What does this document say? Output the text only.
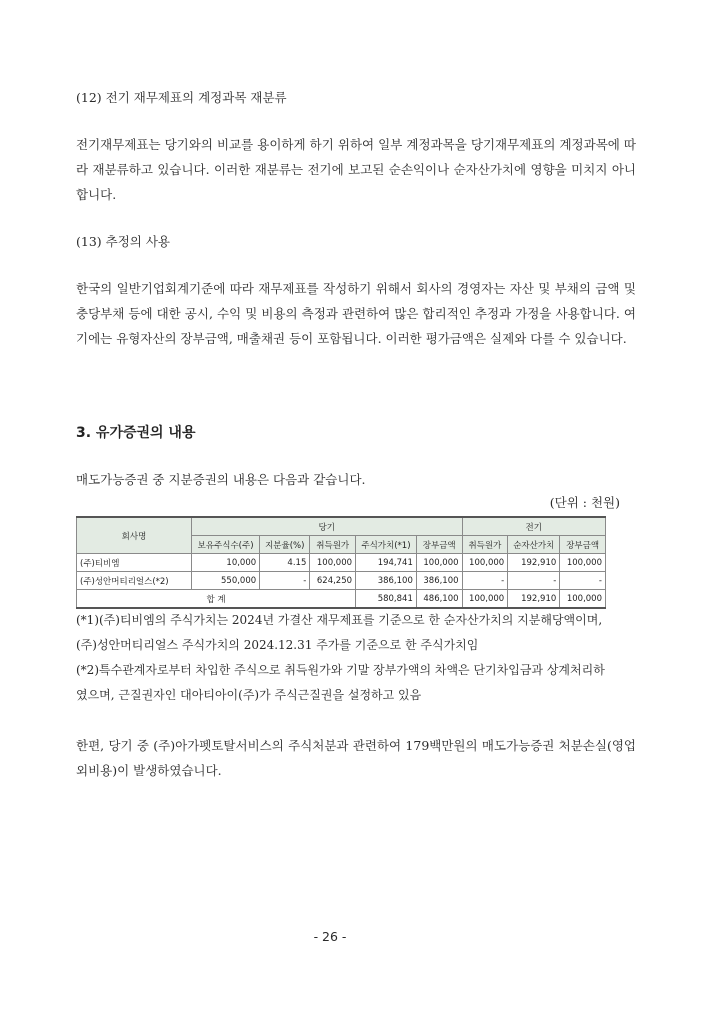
(12) 전기 재무제표의 계정과목 재분류
전기재무제표는 당기와의 비교를 용이하게 하기 위하여 일부 계정과목을 당기재무제표의 계정과목에 따라 재분류하고 있습니다. 이러한 재분류는 전기에 보고된 순손익이나 순자산가치에 영향을 미치지 아니합니다.
(13) 추정의 사용
한국의 일반기업회계기준에 따라 재무제표를 작성하기 위해서 회사의 경영자는 자산 및 부채의 금액 및 충당부채 등에 대한 공시, 수익 및 비용의 측정과 관련하여 많은 합리적인 추정과 가정을 사용합니다. 여기에는 유형자산의 장부금액, 매출채권 등이 포함됩니다. 이러한 평가금액은 실제와 다를 수 있습니다.
3. 유가증권의 내용
매도가능증권 중 지분증권의 내용은 다음과 같습니다.
(단위 : 천원)
회사명	당기					전기		
	보유주식수(주)	지분율(%)	취득원가	주식가치(*1)	장부금액	취득원가	순자산가치	장부금액
(주)티비엠	10,000	4.15	100,000	194,741	100,000	100,000	192,910	100,000
(주)성안머티리얼스(*2)	550,000	-	624,250	386,100	386,100	-	-	-
합 계				580,841	486,100	100,000	192,910	100,000
(*1)(주)티비엠의 주식가치는 2024년 가결산 재무제표를 기준으로 한 순자산가치의 지분해당액이며, (주)성안머티리얼스 주식가치의 2024.12.31 주가를 기준으로 한 주식가치임
(*2)특수관계자로부터 차입한 주식으로 취득원가와 기말 장부가액의 차액은 단기차입금과 상계처리하였으며, 근질권자인 대아티아이(주)가 주식근질권을 설정하고 있음
한편, 당기 중 (주)아가펫토탈서비스의 주식처분과 관련하여 179백만원의 매도가능증권 처분손실(영업외비용)이 발생하였습니다.
- 26 -
